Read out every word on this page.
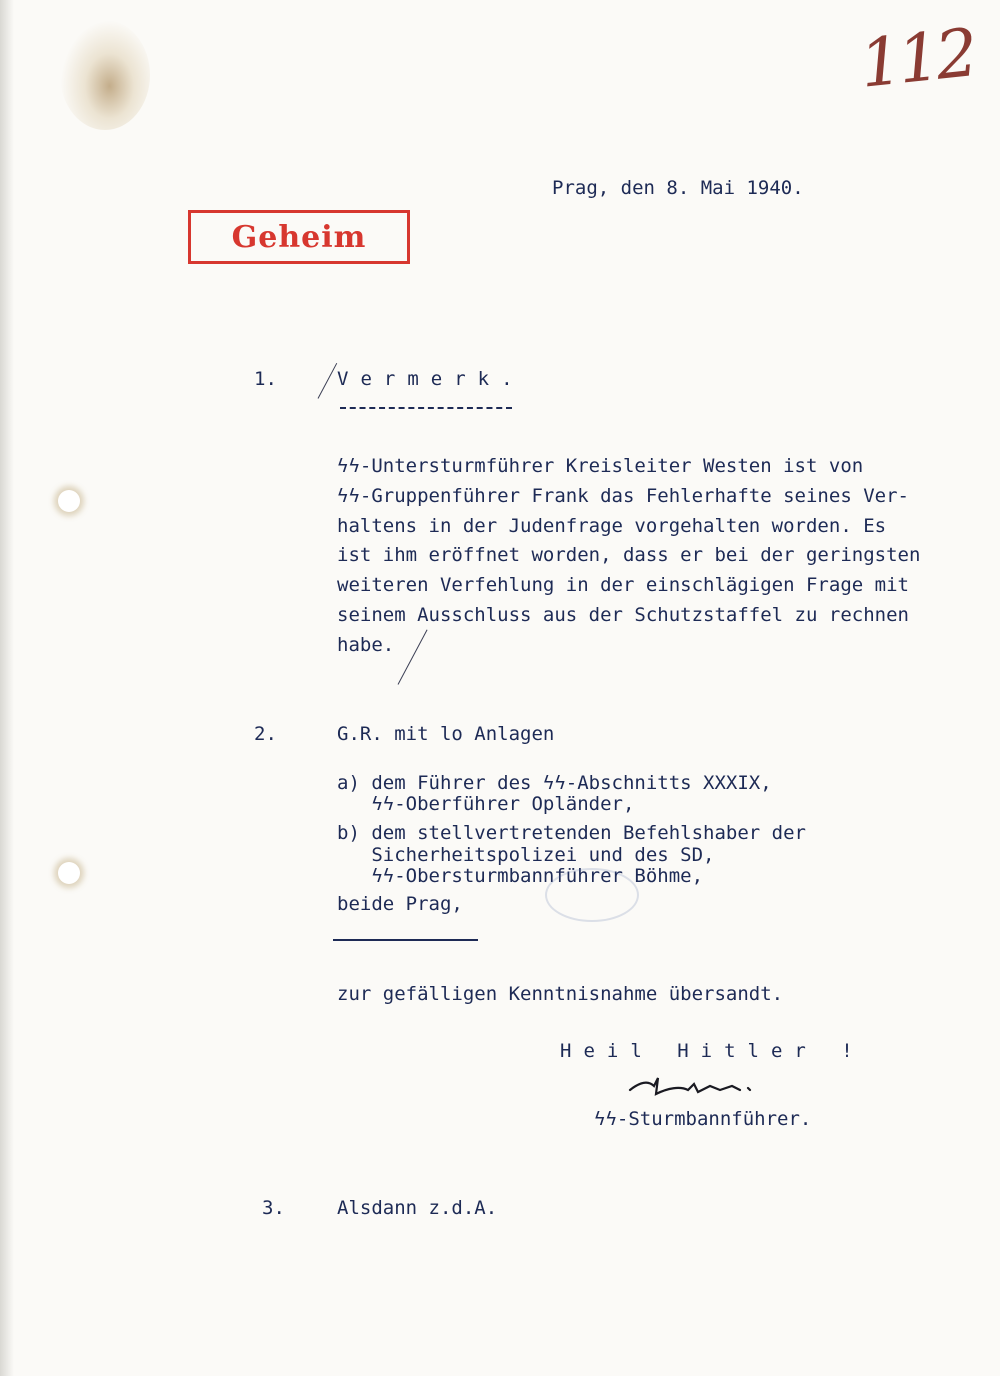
112
Prag, den 8. Mai 1940.
Geheim
1.	Vermerk.
ϟϟ-Untersturmführer Kreisleiter Westen ist von
ϟϟ-Gruppenführer Frank das Fehlerhafte seines Ver-
haltens in der Judenfrage vorgehalten worden. Es
ist ihm eröffnet worden, dass er bei der geringsten
weiteren Verfehlung in der einschlägigen Frage mit
seinem Ausschluss aus der Schutzstaffel zu rechnen
habe.
2.	G.R. mit lo Anlagen
a) dem Führer des ϟϟ-Abschnitts XXXIX,
ϟϟ-Oberführer Opländer,
b) dem stellvertretenden Befehlshaber der
Sicherheitspolizei und des SD,
ϟϟ-Obersturmbannführer Böhme,
beide Prag,
zur gefälligen Kenntnisnahme übersandt.
Heil Hitler !
ϟϟ-Sturmbannführer.
3.	Alsdann z.d.A.
